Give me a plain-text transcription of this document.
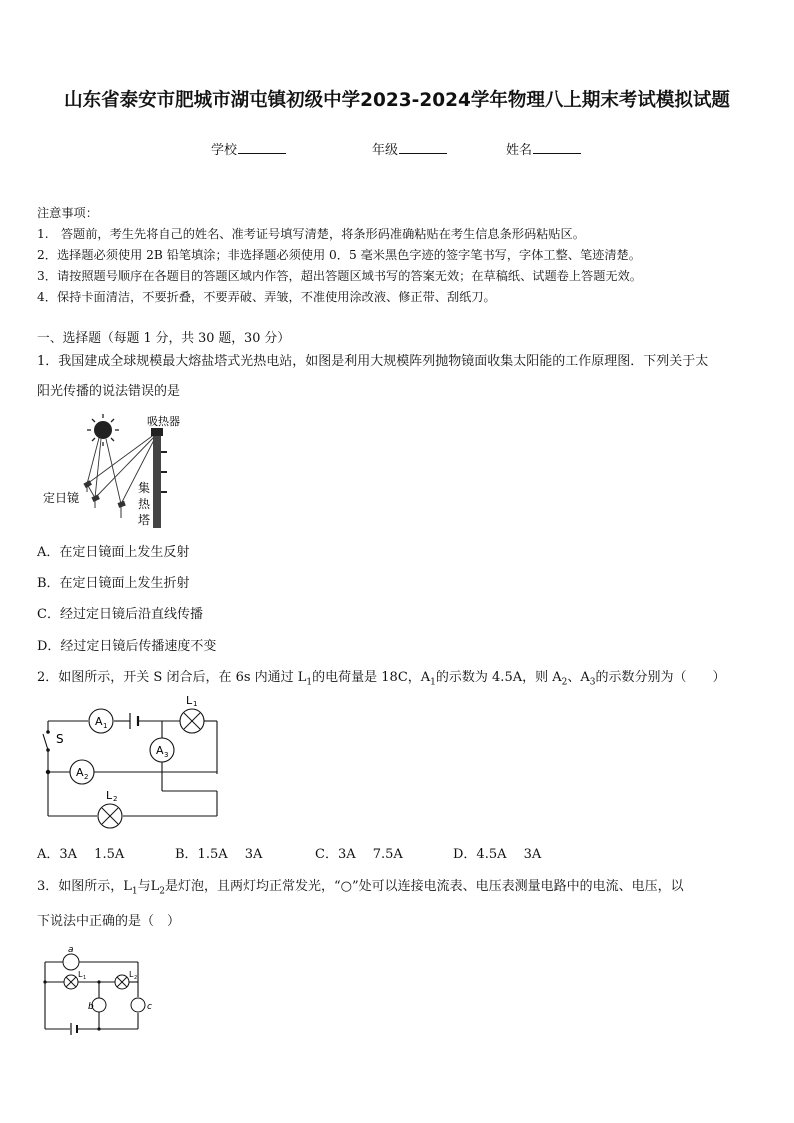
山东省泰安市肥城市湖屯镇初级中学2023-2024学年物理八上期末考试模拟试题
学校	年级	姓名
注意事项：
1.　答题前，考生先将自己的姓名、准考证号填写清楚，将条形码准确粘贴在考生信息条形码粘贴区。
2．选择题必须使用 2B 铅笔填涂；非选择题必须使用 0．5 毫米黑色字迹的签字笔书写，字体工整、笔迹清楚。
3．请按照题号顺序在各题目的答题区域内作答，超出答题区域书写的答案无效；在草稿纸、试题卷上答题无效。
4．保持卡面清洁，不要折叠，不要弄破、弄皱，不准使用涂改液、修正带、刮纸刀。
一、选择题（每题 1 分，共 30 题，30 分）
1．我国建成全球规模最大熔盐塔式光热电站，如图是利用大规模阵列抛物镜面收集太阳能的工作原理图．下列关于太
阳光传播的说法错误的是
吸热器
定日镜
集
热
塔
A．在定日镜面上发生反射
B．在定日镜面上发生折射
C．经过定日镜后沿直线传播
D．经过定日镜后传播速度不变
2．如图所示，开关 S 闭合后，在 6s 内通过 $L_1$的电荷量是 18C，$A_1$的示数为 4.5A，则 $A_2$、$A_3$的示数分别为（　　）
A 1
L 1
A 3
A 2
L 2
S
A．3A　 1.5A	B．1.5A　 3A	C．3A　 7.5A	D．4.5A　 3A
3．如图所示，$L_1$与$L_2$是灯泡，且两灯均正常发光，“○”处可以连接电流表、电压表测量电路中的电流、电压，以
下说法中正确的是（　）
a
L 1	L 2
b	c
